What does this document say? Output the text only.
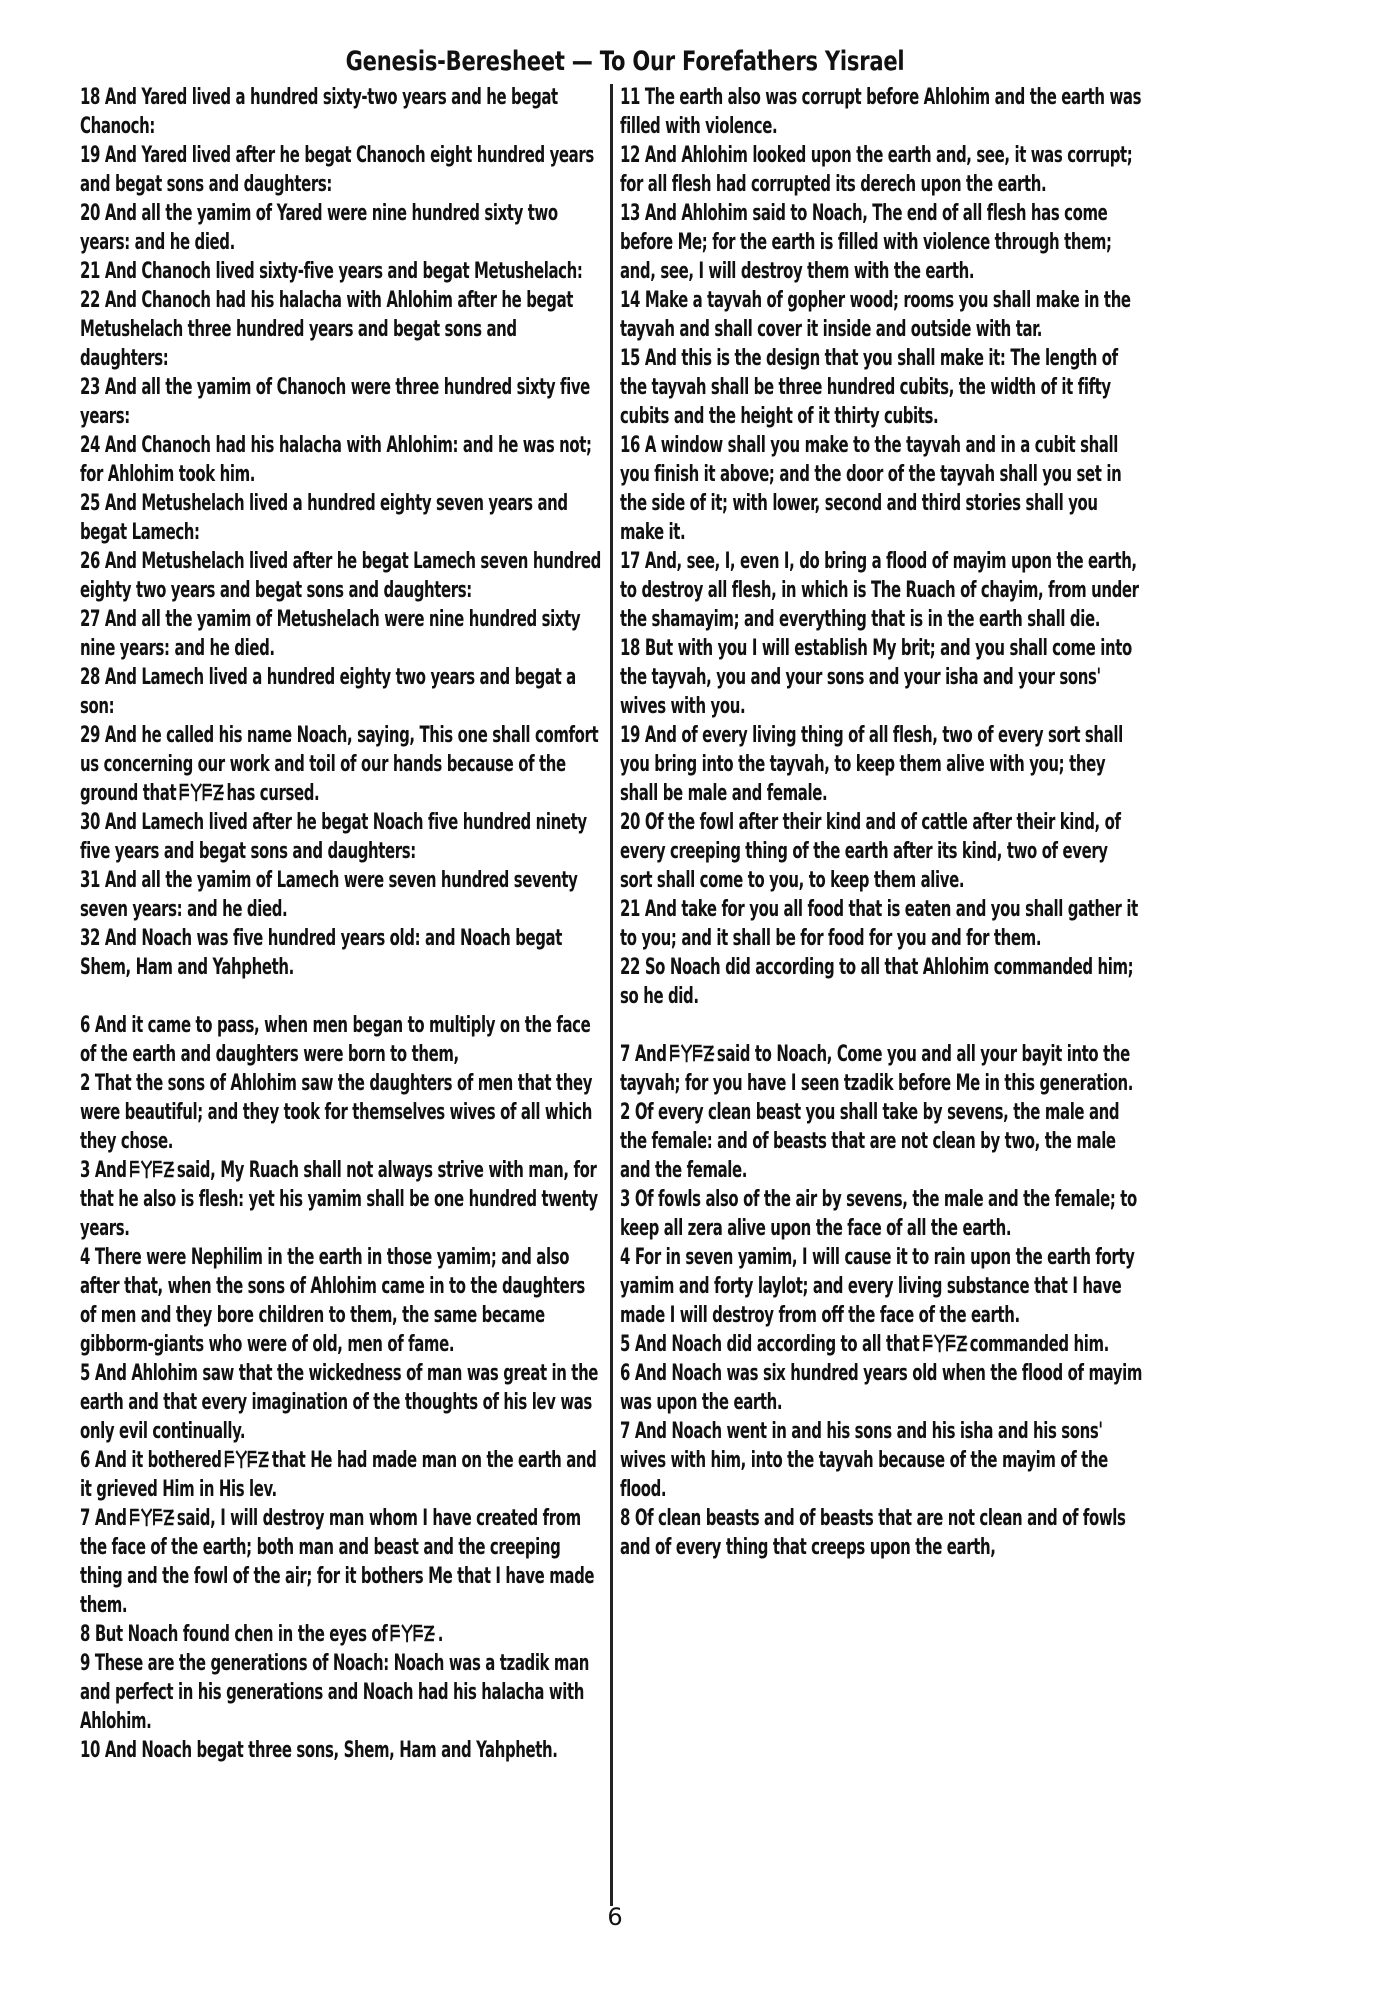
Genesis-Beresheet — To Our Forefathers Yisrael
18 And Yared lived a hundred sixty-two years and he begat Chanoch:
19 And Yared lived after he begat Chanoch eight hundred years and begat sons and daughters:
20 And all the yamim of Yared were nine hundred sixty two years: and he died.
21 And Chanoch lived sixty-five years and begat Metushelach:
22 And Chanoch had his halacha with Ahlohim after he begat Metushelach three hundred years and begat sons and daughters:
23 And all the yamim of Chanoch were three hundred sixty five years:
24 And Chanoch had his halacha with Ahlohim: and he was not; for Ahlohim took him.
25 And Metushelach lived a hundred eighty seven years and begat Lamech:
26 And Metushelach lived after he begat Lamech seven hundred eighty two years and begat sons and daughters:
27 And all the yamim of Metushelach were nine hundred sixty nine years: and he died.
28 And Lamech lived a hundred eighty two years and begat a son:
29 And he called his name Noach, saying, This one shall comfort us concerning our work and toil of our hands because of the ground that has cursed.
30 And Lamech lived after he begat Noach five hundred ninety five years and begat sons and daughters:
31 And all the yamim of Lamech were seven hundred seventy seven years: and he died.
32 And Noach was five hundred years old: and Noach begat Shem, Ham and Yahpheth.
6 And it came to pass, when men began to multiply on the face of the earth and daughters were born to them,
2 That the sons of Ahlohim saw the daughters of men that they were beautiful; and they took for themselves wives of all which they chose.
3 And said, My Ruach shall not always strive with man, for that he also is flesh: yet his yamim shall be one hundred twenty years.
4 There were Nephilim in the earth in those yamim; and also after that, when the sons of Ahlohim came in to the daughters of men and they bore children to them, the same became gibborm-giants who were of old, men of fame.
5 And Ahlohim saw that the wickedness of man was great in the earth and that every imagination of the thoughts of his lev was only evil continually.
6 And it bothered that He had made man on the earth and it grieved Him in His lev.
7 And said, I will destroy man whom I have created from the face of the earth; both man and beast and the creeping thing and the fowl of the air; for it bothers Me that I have made them.
8 But Noach found chen in the eyes of .
9 These are the generations of Noach: Noach was a tzadik man and perfect in his generations and Noach had his halacha with Ahlohim.
10 And Noach begat three sons, Shem, Ham and Yahpheth.
11 The earth also was corrupt before Ahlohim and the earth was filled with violence.
12 And Ahlohim looked upon the earth and, see, it was corrupt; for all flesh had corrupted its derech upon the earth.
13 And Ahlohim said to Noach, The end of all flesh has come before Me; for the earth is filled with violence through them; and, see, I will destroy them with the earth.
14 Make a tayvah of gopher wood; rooms you shall make in the tayvah and shall cover it inside and outside with tar.
15 And this is the design that you shall make it: The length of the tayvah shall be three hundred cubits, the width of it fifty cubits and the height of it thirty cubits.
16 A window shall you make to the tayvah and in a cubit shall you finish it above; and the door of the tayvah shall you set in the side of it; with lower, second and third stories shall you make it.
17 And, see, I, even I, do bring a flood of mayim upon the earth, to destroy all flesh, in which is The Ruach of chayim, from under the shamayim; and everything that is in the earth shall die.
18 But with you I will establish My brit; and you shall come into the tayvah, you and your sons and your isha and your sons' wives with you.
19 And of every living thing of all flesh, two of every sort shall you bring into the tayvah, to keep them alive with you; they shall be male and female.
20 Of the fowl after their kind and of cattle after their kind, of every creeping thing of the earth after its kind, two of every sort shall come to you, to keep them alive.
21 And take for you all food that is eaten and you shall gather it to you; and it shall be for food for you and for them.
22 So Noach did according to all that Ahlohim commanded him; so he did.
7 And said to Noach, Come you and all your bayit into the tayvah; for you have I seen tzadik before Me in this generation.
2 Of every clean beast you shall take by sevens, the male and the female: and of beasts that are not clean by two, the male and the female.
3 Of fowls also of the air by sevens, the male and the female; to keep all zera alive upon the face of all the earth.
4 For in seven yamim, I will cause it to rain upon the earth forty yamim and forty laylot; and every living substance that I have made I will destroy from off the face of the earth.
5 And Noach did according to all that commanded him.
6 And Noach was six hundred years old when the flood of mayim was upon the earth.
7 And Noach went in and his sons and his isha and his sons' wives with him, into the tayvah because of the mayim of the flood.
8 Of clean beasts and of beasts that are not clean and of fowls and of every thing that creeps upon the earth,
6
